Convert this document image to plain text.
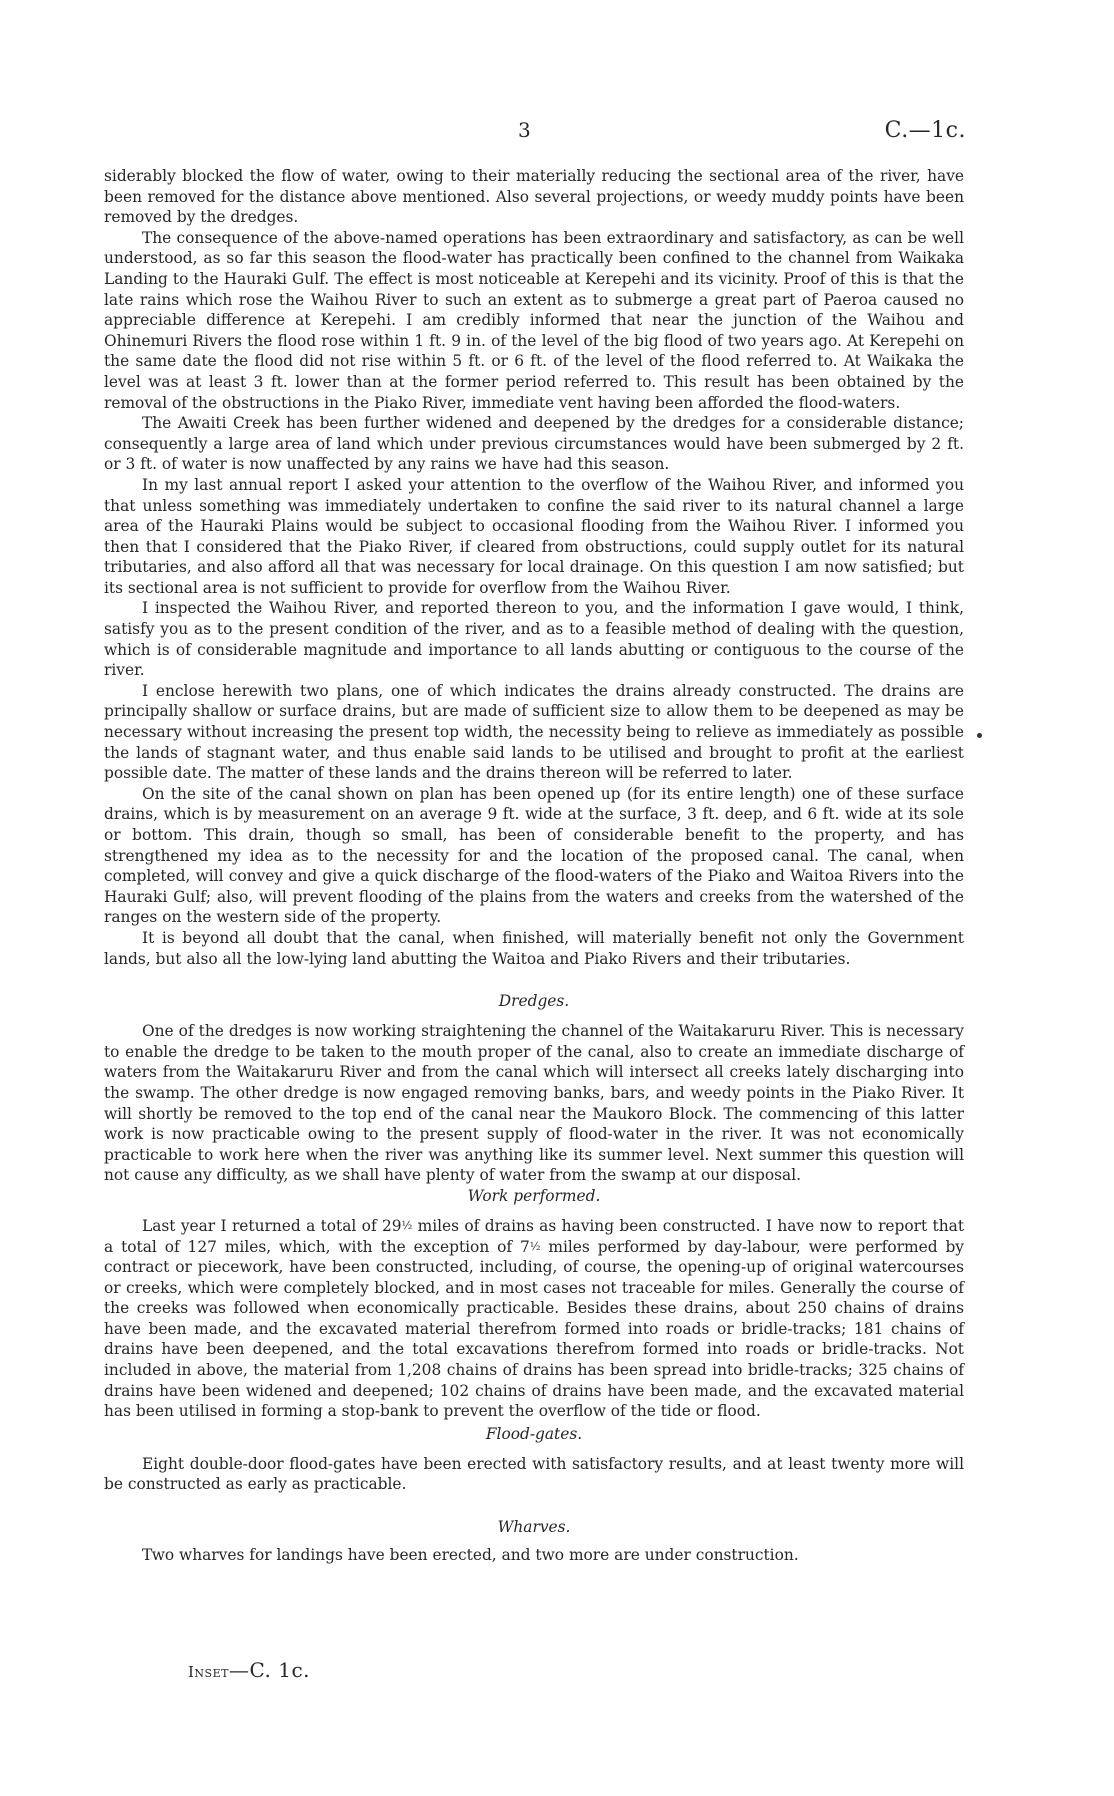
3	C.—1c.

siderably blocked the flow of water, owing to their materially reducing the sectional area of the river, have been removed for the distance above mentioned. Also several projections, or weedy muddy points have been removed by the dredges.

The consequence of the above-named operations has been extraordinary and satisfactory, as can be well understood, as so far this season the flood-water has practically been confined to the channel from Waikaka Landing to the Hauraki Gulf. The effect is most noticeable at Kerepehi and its vicinity. Proof of this is that the late rains which rose the Waihou River to such an extent as to submerge a great part of Paeroa caused no appreciable difference at Kerepehi. I am credibly informed that near the junction of the Waihou and Ohinemuri Rivers the flood rose within 1 ft. 9 in. of the level of the big flood of two years ago. At Kerepehi on the same date the flood did not rise within 5 ft. or 6 ft. of the level of the flood referred to. At Waikaka the level was at least 3 ft. lower than at the former period referred to. This result has been obtained by the removal of the obstructions in the Piako River, immediate vent having been afforded the flood-waters.

The Awaiti Creek has been further widened and deepened by the dredges for a considerable distance; consequently a large area of land which under previous circumstances would have been submerged by 2 ft. or 3 ft. of water is now unaffected by any rains we have had this season.

In my last annual report I asked your attention to the overflow of the Waihou River, and informed you that unless something was immediately undertaken to confine the said river to its natural channel a large area of the Hauraki Plains would be subject to occasional flooding from the Waihou River. I informed you then that I considered that the Piako River, if cleared from obstructions, could supply outlet for its natural tributaries, and also afford all that was necessary for local drainage. On this question I am now satisfied; but its sectional area is not sufficient to provide for overflow from the Waihou River.

I inspected the Waihou River, and reported thereon to you, and the information I gave would, I think, satisfy you as to the present condition of the river, and as to a feasible method of dealing with the question, which is of considerable magnitude and importance to all lands abutting or contiguous to the course of the river.

I enclose herewith two plans, one of which indicates the drains already constructed. The drains are principally shallow or surface drains, but are made of sufficient size to allow them to be deepened as may be necessary without increasing the present top width, the necessity being to relieve as immediately as possible the lands of stagnant water, and thus enable said lands to be utilised and brought to profit at the earliest possible date. The matter of these lands and the drains thereon will be referred to later.

On the site of the canal shown on plan has been opened up (for its entire length) one of these surface drains, which is by measurement on an average 9 ft. wide at the surface, 3 ft. deep, and 6 ft. wide at its sole or bottom. This drain, though so small, has been of considerable benefit to the property, and has strengthened my idea as to the necessity for and the location of the proposed canal. The canal, when completed, will convey and give a quick discharge of the flood-waters of the Piako and Waitoa Rivers into the Hauraki Gulf; also, will prevent flooding of the plains from the waters and creeks from the watershed of the ranges on the western side of the property.

It is beyond all doubt that the canal, when finished, will materially benefit not only the Government lands, but also all the low-lying land abutting the Waitoa and Piako Rivers and their tributaries.

Dredges.

One of the dredges is now working straightening the channel of the Waitakaruru River. This is necessary to enable the dredge to be taken to the mouth proper of the canal, also to create an immediate discharge of waters from the Waitakaruru River and from the canal which will intersect all creeks lately discharging into the swamp. The other dredge is now engaged removing banks, bars, and weedy points in the Piako River. It will shortly be removed to the top end of the canal near the Maukoro Block. The commencing of this latter work is now practicable owing to the present supply of flood-water in the river. It was not economically practicable to work here when the river was anything like its summer level. Next summer this question will not cause any difficulty, as we shall have plenty of water from the swamp at our disposal.

Work performed.

Last year I returned a total of 29½ miles of drains as having been constructed. I have now to report that a total of 127 miles, which, with the exception of 7½ miles performed by day-labour, were performed by contract or piecework, have been constructed, including, of course, the opening-up of original watercourses or creeks, which were completely blocked, and in most cases not traceable for miles. Generally the course of the creeks was followed when economically practicable. Besides these drains, about 250 chains of drains have been made, and the excavated material therefrom formed into roads or bridle-tracks; 181 chains of drains have been deepened, and the total excavations therefrom formed into roads or bridle-tracks. Not included in above, the material from 1,208 chains of drains has been spread into bridle-tracks; 325 chains of drains have been widened and deepened; 102 chains of drains have been made, and the excavated material has been utilised in forming a stop-bank to prevent the overflow of the tide or flood.

Flood-gates.

Eight double-door flood-gates have been erected with satisfactory results, and at least twenty more will be constructed as early as practicable.

Wharves.

Two wharves for landings have been erected, and two more are under construction.

Inset—C. 1c.
